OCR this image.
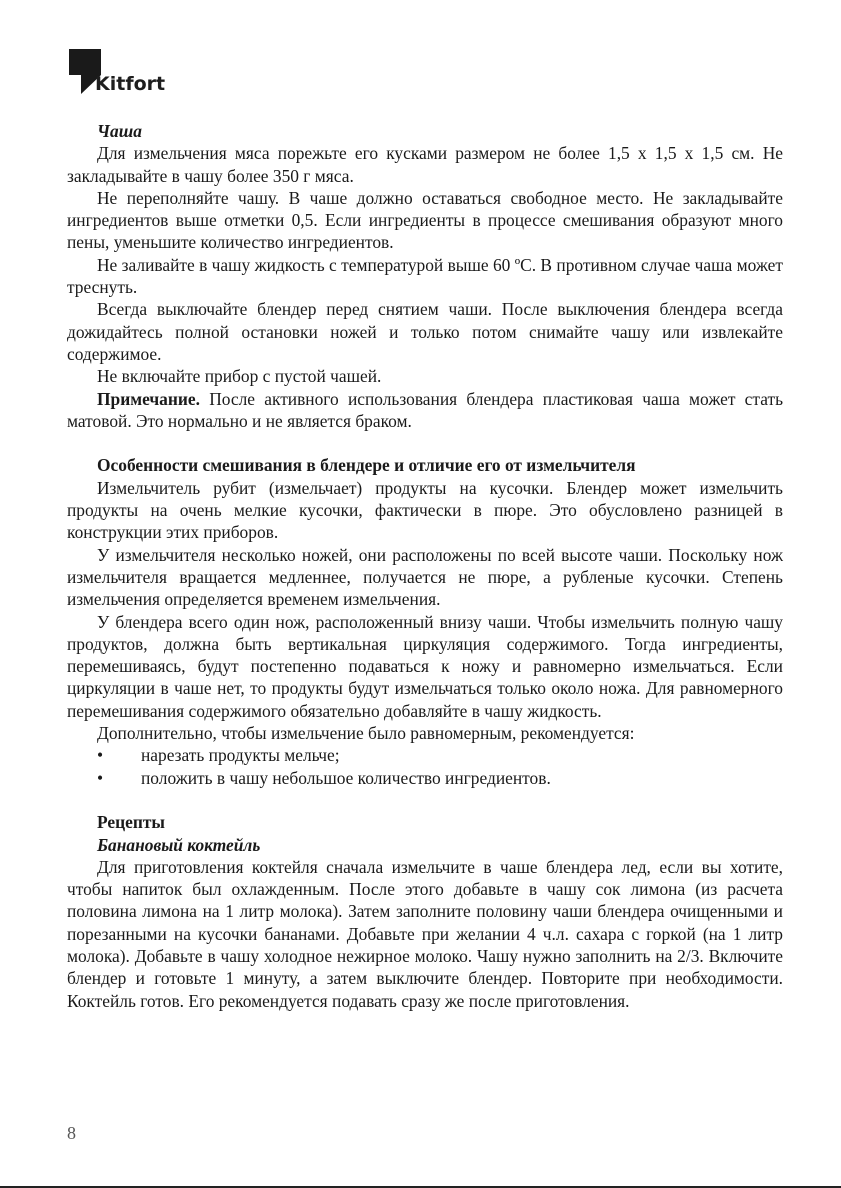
Kitfort

Чаша

Для измельчения мяса порежьте его кусками размером не более 1,5 х 1,5 х 1,5 см. Не закладывайте в чашу более 350 г мяса.

Не переполняйте чашу. В чаше должно оставаться свободное место. Не закладывайте ингредиентов выше отметки 0,5. Если ингредиенты в процессе смешивания образуют много пены, уменьшите количество ингредиентов.

Не заливайте в чашу жидкость с температурой выше 60 ºС. В противном случае чаша может треснуть.

Всегда выключайте блендер перед снятием чаши. После выключения блендера всегда дожидайтесь полной остановки ножей и только потом снимайте чашу или извлекайте содержимое.

Не включайте прибор с пустой чашей.

Примечание. После активного использования блендера пластиковая чаша может стать матовой. Это нормально и не является браком.

Особенности смешивания в блендере и отличие его от измельчителя

Измельчитель рубит (измельчает) продукты на кусочки. Блендер может измельчить продукты на очень мелкие кусочки, фактически в пюре. Это обусловлено разницей в конструкции этих приборов.

У измельчителя несколько ножей, они расположены по всей высоте чаши. Поскольку нож измельчителя вращается медленнее, получается не пюре, а рубленые кусочки. Степень измельчения определяется временем измельчения.

У блендера всего один нож, расположенный внизу чаши. Чтобы измельчить полную чашу продуктов, должна быть вертикальная циркуляция содержимого. Тогда ингредиенты, перемешиваясь, будут постепенно подаваться к ножу и равномерно измельчаться. Если циркуляции в чаше нет, то продукты будут измельчаться только около ножа. Для равномерного перемешивания содержимого обязательно добавляйте в чашу жидкость.

Дополнительно, чтобы измельчение было равномерным, рекомендуется:

• нарезать продукты мельче;
• положить в чашу небольшое количество ингредиентов.

Рецепты

Банановый коктейль

Для приготовления коктейля сначала измельчите в чаше блендера лед, если вы хотите, чтобы напиток был охлажденным. После этого добавьте в чашу сок лимона (из расчета половина лимона на 1 литр молока). Затем заполните половину чаши блендера очищенными и порезанными на кусочки бананами. Добавьте при желании 4 ч.л. сахара с горкой (на 1 литр молока). Добавьте в чашу холодное нежирное молоко. Чашу нужно заполнить на 2/3. Включите блендер и готовьте 1 минуту, а затем выключите блендер. Повторите при необходимости. Коктейль готов. Его рекомендуется подавать сразу же после приготовления.

8
